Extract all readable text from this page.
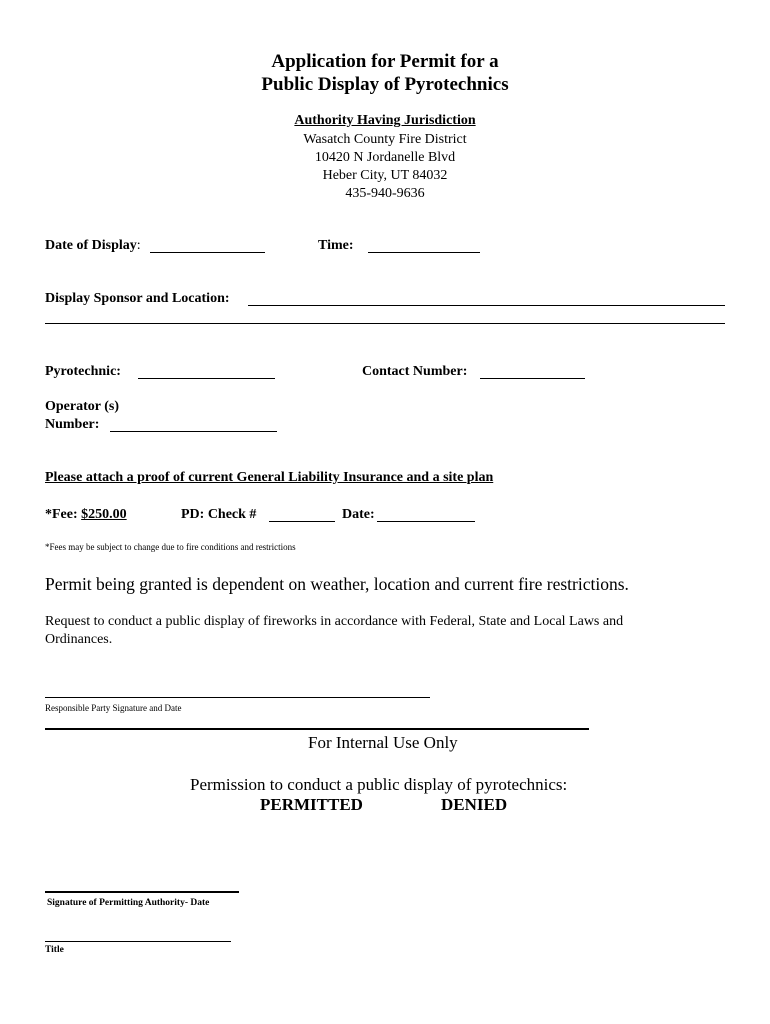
Application for Permit for a
Public Display of Pyrotechnics
Authority Having Jurisdiction
Wasatch County Fire District
10420 N Jordanelle Blvd
Heber City, UT 84032
435-940-9636
Date of Display:	Time:
Display Sponsor and Location:
Pyrotechnic:	Contact Number:
Operator (s)
Number:
Please attach a proof of current General Liability Insurance and a site plan
*Fee: $250.00	PD: Check #	Date:
*Fees may be subject to change due to fire conditions and restrictions
Permit being granted is dependent on weather, location and current fire restrictions.
Request to conduct a public display of fireworks in accordance with Federal, State and Local Laws and
Ordinances.
Responsible Party Signature and Date
For Internal Use Only
Permission to conduct a public display of pyrotechnics:
PERMITTED	DENIED
Signature of Permitting Authority- Date
Title
